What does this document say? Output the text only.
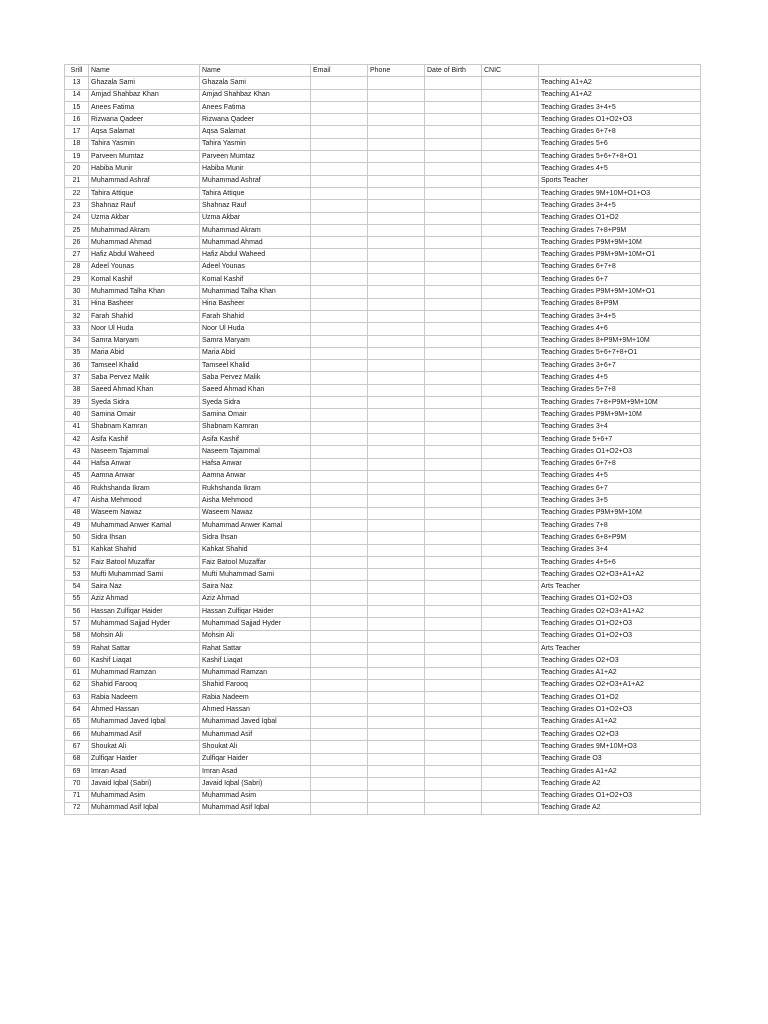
Srill	Name	Name	Email	Phone	Date of Birth	CNIC	
13	Ghazala Sami	Ghazala Sami					Teaching A1+A2
14	Amjad Shahbaz Khan	Amjad Shahbaz Khan					Teaching A1+A2
15	Anees Fatima	Anees Fatima					Teaching Grades 3+4+5
16	Rizwana Qadeer	Rizwana Qadeer					Teaching Grades O1+O2+O3
17	Aqsa Salamat	Aqsa Salamat					Teaching Grades 6+7+8
18	Tahira Yasmin	Tahira Yasmin					Teaching Grades 5+6
19	Parveen Mumtaz	Parveen Mumtaz					Teaching Grades 5+6+7+8+O1
20	Habiba Munir	Habiba Munir					Teaching Grades 4+5
21	Muhammad Ashraf	Muhammad Ashraf					Sports Teacher
22	Tahira Attique	Tahira Attique					Teaching Grades 9M+10M+O1+O3
23	Shahnaz Rauf	Shahnaz Rauf					Teaching Grades 3+4+5
24	Uzma Akbar	Uzma Akbar					Teaching Grades O1+O2
25	Muhammad Akram	Muhammad Akram					Teaching Grades 7+8+P9M
26	Muhammad Ahmad	Muhammad Ahmad					Teaching Grades P9M+9M+10M
27	Hafiz Abdul Waheed	Hafiz Abdul Waheed					Teaching Grades P9M+9M+10M+O1
28	Adeel Younas	Adeel Younas					Teaching Grades 6+7+8
29	Komal Kashif	Komal Kashif					Teaching Grades 6+7
30	Muhammad Talha Khan	Muhammad Talha Khan					Teaching Grades P9M+9M+10M+O1
31	Hina Basheer	Hina Basheer					Teaching Grades 8+P9M
32	Farah Shahid	Farah Shahid					Teaching Grades 3+4+5
33	Noor Ul Huda	Noor Ul Huda					Teaching Grades 4+6
34	Samra Maryam	Samra Maryam					Teaching Grades 8+P9M+9M+10M
35	Maria Abid	Maria Abid					Teaching Grades 5+6+7+8+O1
36	Tamseel Khalid	Tamseel Khalid					Teaching Grades 3+6+7
37	Saba Pervez Malik	Saba Pervez Malik					Teaching Grades 4+5
38	Saeed Ahmad Khan	Saeed Ahmad Khan					Teaching Grades 5+7+8
39	Syeda Sidra	Syeda Sidra					Teaching Grades 7+8+P9M+9M+10M
40	Samina Omair	Samina Omair					Teaching Grades P9M+9M+10M
41	Shabnam Kamran	Shabnam Kamran					Teaching Grades 3+4
42	Asifa Kashif	Asifa Kashif					Teaching Grade 5+6+7
43	Naseem Tajammal	Naseem Tajammal					Teaching Grades O1+O2+O3
44	Hafsa Anwar	Hafsa Anwar					Teaching Grades 6+7+8
45	Aamna Anwar	Aamna Anwar					Teaching Grades 4+5
46	Rukhshanda Ikram	Rukhshanda Ikram					Teaching Grades 6+7
47	Aisha Mehmood	Aisha Mehmood					Teaching Grades 3+5
48	Waseem Nawaz	Waseem Nawaz					Teaching Grades P9M+9M+10M
49	Muhammad Anwer Kamal	Muhammad Anwer Kamal					Teaching Grades 7+8
50	Sidra Ihsan	Sidra Ihsan					Teaching Grades 6+8+P9M
51	Kahkat Shahid	Kahkat Shahid					Teaching Grades 3+4
52	Faiz Batool Muzaffar	Faiz Batool Muzaffar					Teaching Grades 4+5+6
53	Mufti Muhammad Sami	Mufti Muhammad Sami					Teaching Grades O2+O3+A1+A2
54	Saira Naz	Saira Naz					Arts Teacher
55	Aziz Ahmad	Aziz Ahmad					Teaching Grades O1+O2+O3
56	Hassan Zulfiqar Haider	Hassan Zulfiqar Haider					Teaching Grades O2+O3+A1+A2
57	Muhammad Sajjad Hyder	Muhammad Sajjad Hyder					Teaching Grades O1+O2+O3
58	Mohsin Ali	Mohsin Ali					Teaching Grades O1+O2+O3
59	Rahat Sattar	Rahat Sattar					Arts Teacher
60	Kashif Liaqat	Kashif Liaqat					Teaching Grades O2+O3
61	Muhammad Ramzan	Muhammad Ramzan					Teaching Grades A1+A2
62	Shahid Farooq	Shahid Farooq					Teaching Grades O2+O3+A1+A2
63	Rabia Nadeem	Rabia Nadeem					Teaching Grades O1+O2
64	Ahmed Hassan	Ahmed Hassan					Teaching Grades O1+O2+O3
65	Muhammad Javed Iqbal	Muhammad Javed Iqbal					Teaching Grades A1+A2
66	Muhammad Asif	Muhammad Asif					Teaching Grades O2+O3
67	Shoukat Ali	Shoukat Ali					Teaching Grades 9M+10M+O3
68	Zulfiqar Haider	Zulfiqar Haider					Teaching Grade O3
69	Imran Asad	Imran Asad					Teaching Grades A1+A2
70	Javaid Iqbal (Sabri)	Javaid Iqbal (Sabri)					Teaching Grade A2
71	Muhammad Asim	Muhammad Asim					Teaching Grades O1+O2+O3
72	Muhammad Asif Iqbal	Muhammad Asif Iqbal					Teaching Grade A2
